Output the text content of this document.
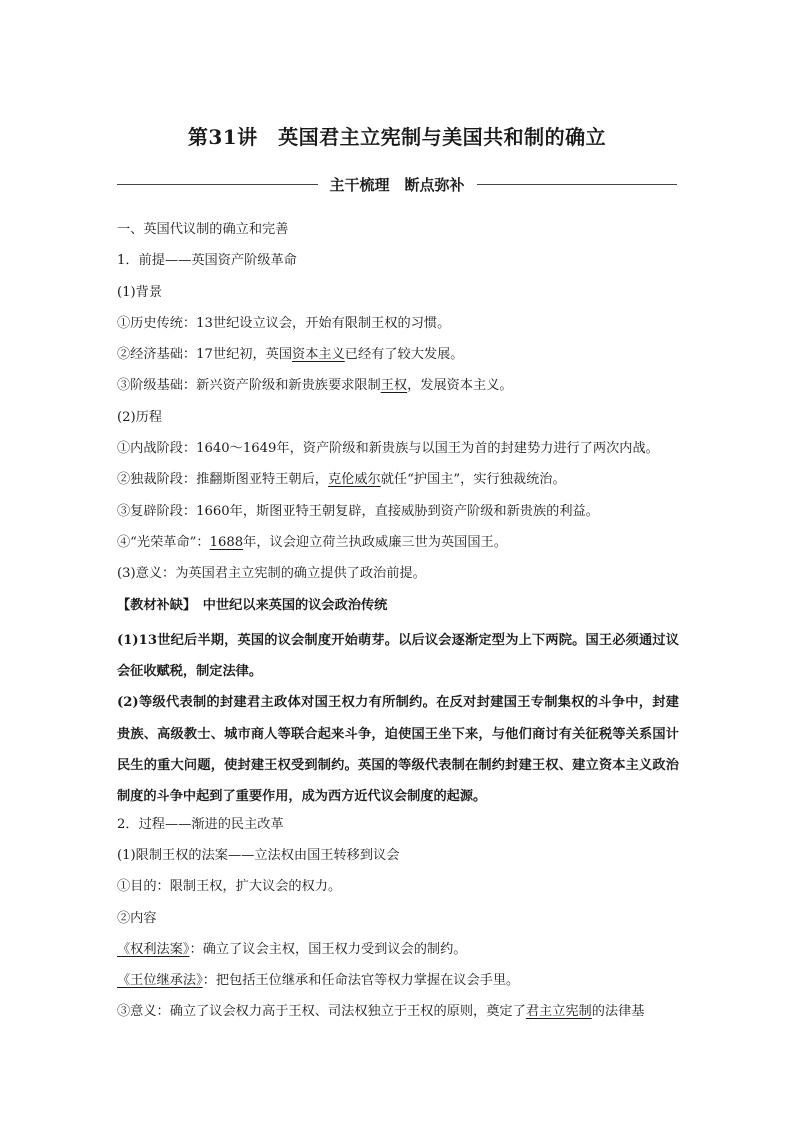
第31讲　英国君主立宪制与美国共和制的确立
主干梳理　断点弥补
一、英国代议制的确立和完善
1．前提——英国资产阶级革命
(1)背景
①历史传统：13世纪设立议会，开始有限制王权的习惯。
②经济基础：17世纪初，英国资本主义已经有了较大发展。
③阶级基础：新兴资产阶级和新贵族要求限制王权，发展资本主义。
(2)历程
①内战阶段：1640～1649年，资产阶级和新贵族与以国王为首的封建势力进行了两次内战。
②独裁阶段：推翻斯图亚特王朝后，克伦威尔就任“护国主”，实行独裁统治。
③复辟阶段：1660年，斯图亚特王朝复辟，直接威胁到资产阶级和新贵族的利益。
④“光荣革命”：1688年，议会迎立荷兰执政威廉三世为英国国王。
(3)意义：为英国君主立宪制的确立提供了政治前提。
【教材补缺】　 中世纪以来英国的议会政治传统
(1)13世纪后半期，英国的议会制度开始萌芽。以后议会逐渐定型为上下两院。国王必须通过议会征收赋税，制定法律。
(2)等级代表制的封建君主政体对国王权力有所制约。在反对封建国王专制集权的斗争中，封建贵族、高级教士、城市商人等联合起来斗争，迫使国王坐下来，与他们商讨有关征税等关系国计民生的重大问题，使封建王权受到制约。英国的等级代表制在制约封建王权、建立资本主义政治制度的斗争中起到了重要作用，成为西方近代议会制度的起源。
2．过程——渐进的民主改革
(1)限制王权的法案——立法权由国王转移到议会
①目的：限制王权，扩大议会的权力。
②内容
《权利法案》：确立了议会主权，国王权力受到议会的制约。
《王位继承法》：把包括王位继承和任命法官等权力掌握在议会手里。
③意义：确立了议会权力高于王权、司法权独立于王权的原则，奠定了君主立宪制的法律基
